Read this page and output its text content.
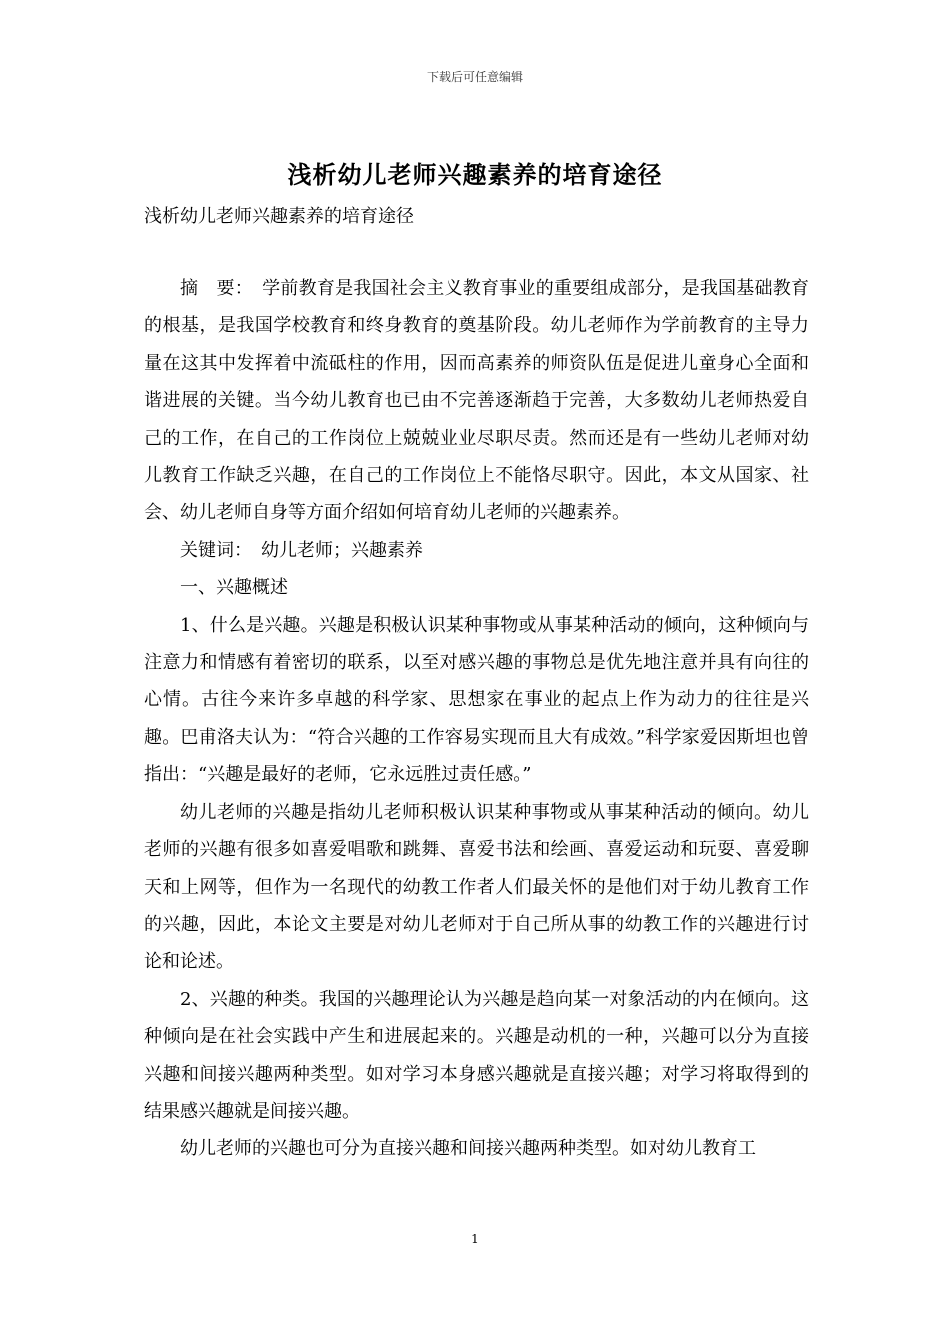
下载后可任意编辑
浅析幼儿老师兴趣素养的培育途径
浅析幼儿老师兴趣素养的培育途径

摘　要：　学前教育是我国社会主义教育事业的重要组成部分，是我国基础教育的根基，是我国学校教育和终身教育的奠基阶段。幼儿老师作为学前教育的主导力量在这其中发挥着中流砥柱的作用，因而高素养的师资队伍是促进儿童身心全面和谐进展的关键。当今幼儿教育也已由不完善逐渐趋于完善，大多数幼儿老师热爱自己的工作，在自己的工作岗位上兢兢业业尽职尽责。然而还是有一些幼儿老师对幼儿教育工作缺乏兴趣，在自己的工作岗位上不能恪尽职守。因此，本文从国家、社会、幼儿老师自身等方面介绍如何培育幼儿老师的兴趣素养。

关键词：　幼儿老师；兴趣素养

一、兴趣概述

1、什么是兴趣。兴趣是积极认识某种事物或从事某种活动的倾向，这种倾向与注意力和情感有着密切的联系，以至对感兴趣的事物总是优先地注意并具有向往的心情。古往今来许多卓越的科学家、思想家在事业的起点上作为动力的往往是兴趣。巴甫洛夫认为：“符合兴趣的工作容易实现而且大有成效。”科学家爱因斯坦也曾指出：“兴趣是最好的老师，它永远胜过责任感。”

幼儿老师的兴趣是指幼儿老师积极认识某种事物或从事某种活动的倾向。幼儿老师的兴趣有很多如喜爱唱歌和跳舞、喜爱书法和绘画、喜爱运动和玩耍、喜爱聊天和上网等，但作为一名现代的幼教工作者人们最关怀的是他们对于幼儿教育工作的兴趣，因此，本论文主要是对幼儿老师对于自己所从事的幼教工作的兴趣进行讨论和论述。

2、兴趣的种类。我国的兴趣理论认为兴趣是趋向某一对象活动的内在倾向。这种倾向是在社会实践中产生和进展起来的。兴趣是动机的一种，兴趣可以分为直接兴趣和间接兴趣两种类型。如对学习本身感兴趣就是直接兴趣；对学习将取得到的结果感兴趣就是间接兴趣。

幼儿老师的兴趣也可分为直接兴趣和间接兴趣两种类型。如对幼儿教育工

1
